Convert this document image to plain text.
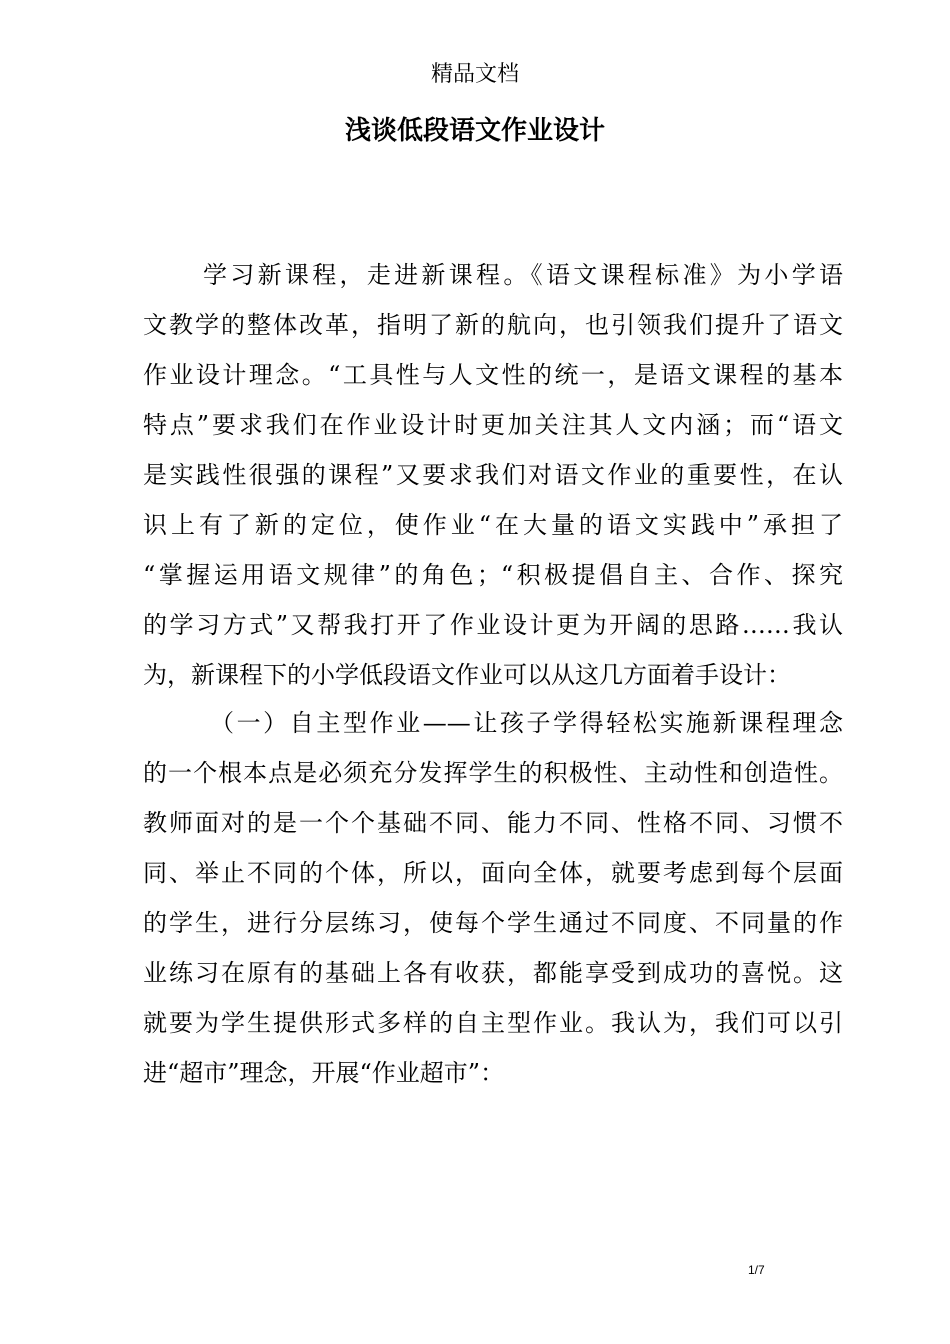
精品文档
浅谈低段语文作业设计
学习新课程，走进新课程。《语文课程标准》为小学语
文教学的整体改革，指明了新的航向，也引领我们提升了语文
作业设计理念。“工具性与人文性的统一，是语文课程的基本
特点”要求我们在作业设计时更加关注其人文内涵；而“语文
是实践性很强的课程”又要求我们对语文作业的重要性，在认
识上有了新的定位，使作业“在大量的语文实践中”承担了
“掌握运用语文规律”的角色；“积极提倡自主、合作、探究
的学习方式”又帮我打开了作业设计更为开阔的思路……我认
为，新课程下的小学低段语文作业可以从这几方面着手设计：
（一）自主型作业——让孩子学得轻松实施新课程理念
的一个根本点是必须充分发挥学生的积极性、主动性和创造性。
教师面对的是一个个基础不同、能力不同、性格不同、习惯不
同、举止不同的个体，所以，面向全体，就要考虑到每个层面
的学生，进行分层练习，使每个学生通过不同度、不同量的作
业练习在原有的基础上各有收获，都能享受到成功的喜悦。这
就要为学生提供形式多样的自主型作业。我认为，我们可以引
进“超市”理念，开展“作业超市”：
1/7
